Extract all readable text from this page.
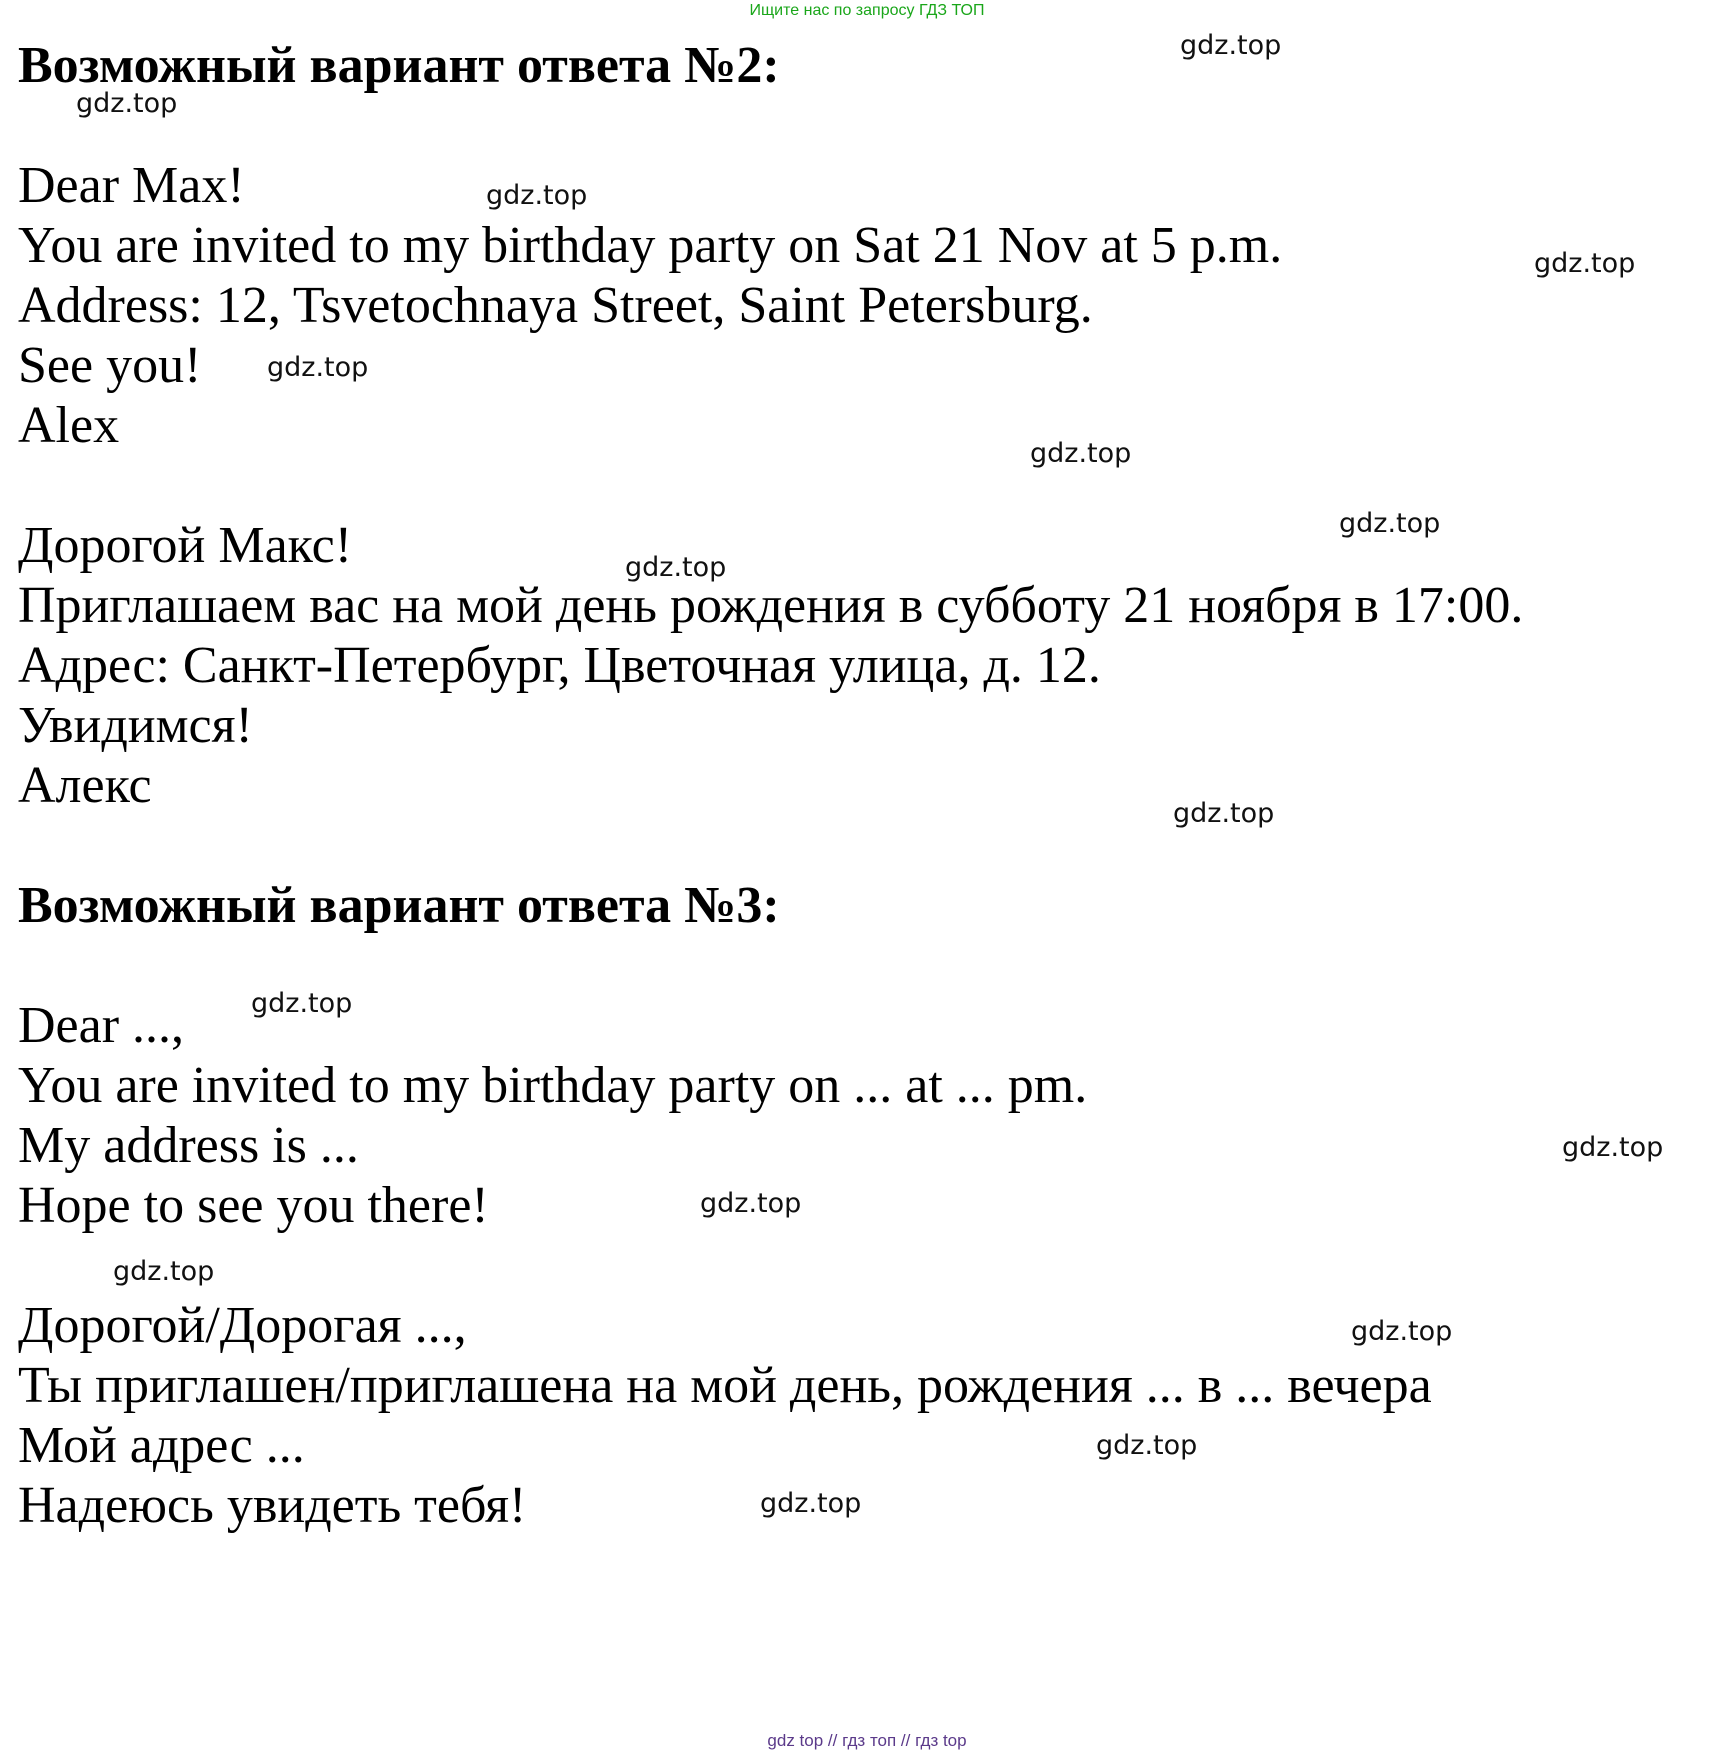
Ищите нас по запросу ГДЗ ТОП
Возможный вариант ответа №2:
Dear Max!
You are invited to my birthday party on Sat 21 Nov at 5 p.m.
Address: 12, Tsvetochnaya Street, Saint Petersburg.
See you!
Alex
Дорогой Макс!
Приглашаем вас на мой день рождения в субботу 21 ноября в 17:00.
Адрес: Санкт-Петербург, Цветочная улица, д. 12.
Увидимся!
Алекс
Возможный вариант ответа №3:
Dear ...,
You are invited to my birthday party on ... at ... pm.
My address is ...
Hope to see you there!
Дорогой/Дорогая ...,
Ты приглашен/приглашена на мой день, рождения ... в ... вечера
Мой адрес ...
Надеюсь увидеть тебя!
gdz.top
gdz.top
gdz.top
gdz.top
gdz.top
gdz.top
gdz.top
gdz.top
gdz.top
gdz.top
gdz.top
gdz.top
gdz.top
gdz.top
gdz.top
gdz.top
gdz top // гдз топ // гдз top
